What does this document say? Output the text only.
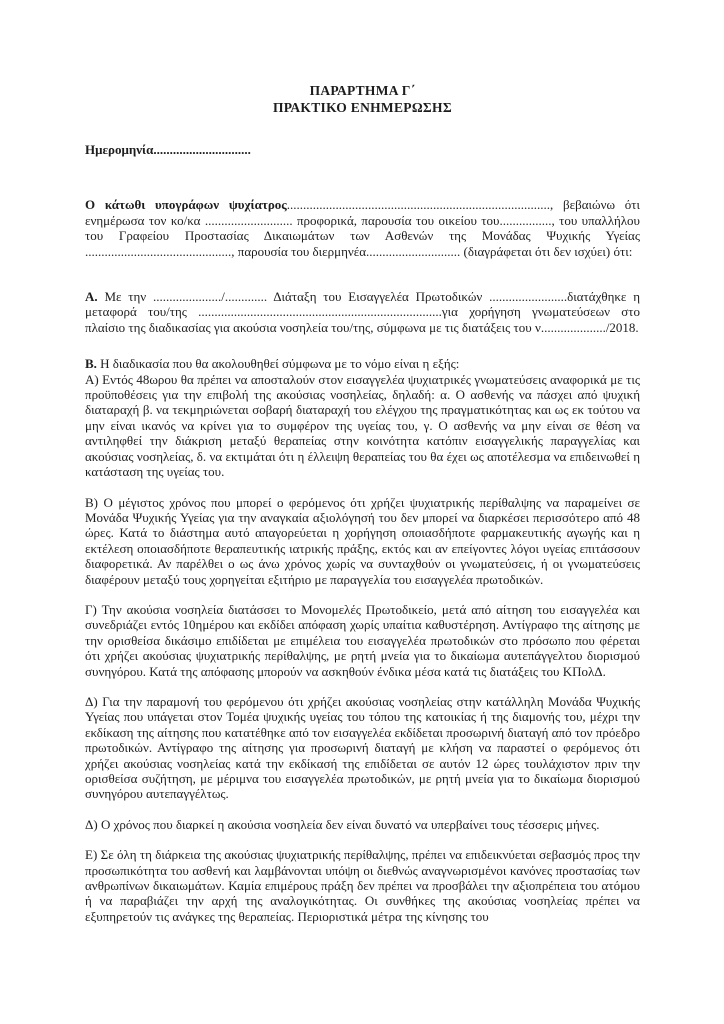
ΠΑΡΑΡΤΗΜΑ Γ΄
ΠΡΑΚΤΙΚΟ ΕΝΗΜΕΡΩΣΗΣ

Ημερομηνία..............................

Ο κάτωθι υπογράφων ψυχίατρος................................................................................., βεβαιώνω ότι ενημέρωσα τον κο/κα ........................... προφορικά, παρουσία του οικείου του................, του υπαλλήλου του Γραφείου Προστασίας Δικαιωμάτων των Ασθενών της Μονάδας Ψυχικής Υγείας ............................................., παρουσία του διερμηνέα............................. (διαγράφεται ότι δεν ισχύει) ότι:

Α. Με την ...................../............. Διάταξη του Εισαγγελέα Πρωτοδικών ........................διατάχθηκε η μεταφορά του/της ...........................................................................για χορήγηση γνωματεύσεων στο πλαίσιο της διαδικασίας για ακούσια νοσηλεία του/της, σύμφωνα με τις διατάξεις του ν..................../2018.

Β. Η διαδικασία που θα ακολουθηθεί σύμφωνα με το νόμο είναι η εξής:

Α) Εντός 48ωρου θα πρέπει να αποσταλούν στον εισαγγελέα ψυχιατρικές γνωματεύσεις αναφορικά με τις προϋποθέσεις για την επιβολή της ακούσιας νοσηλείας, δηλαδή: α. Ο ασθενής να πάσχει από ψυχική διαταραχή β. να τεκμηριώνεται σοβαρή διαταραχή του ελέγχου της πραγματικότητας και ως εκ τούτου να μην είναι ικανός να κρίνει για το συμφέρον της υγείας του, γ. Ο ασθενής να μην είναι σε θέση να αντιληφθεί την διάκριση μεταξύ θεραπείας στην κοινότητα κατόπιν εισαγγελικής παραγγελίας και ακούσιας νοσηλείας, δ. να εκτιμάται ότι η έλλειψη θεραπείας του θα έχει ως αποτέλεσμα να επιδεινωθεί η κατάσταση της υγείας του.

Β) Ο μέγιστος χρόνος που μπορεί ο φερόμενος ότι χρήζει ψυχιατρικής περίθαλψης να παραμείνει σε Μονάδα Ψυχικής Υγείας για την αναγκαία αξιολόγησή του δεν μπορεί να διαρκέσει περισσότερο από 48 ώρες. Κατά το διάστημα αυτό απαγορεύεται η χορήγηση οποιασδήποτε φαρμακευτικής αγωγής και η εκτέλεση οποιασδήποτε θεραπευτικής ιατρικής πράξης, εκτός και αν επείγοντες λόγοι υγείας επιτάσσουν διαφορετικά. Αν παρέλθει ο ως άνω χρόνος χωρίς να συνταχθούν οι γνωματεύσεις, ή οι γνωματεύσεις διαφέρουν μεταξύ τους χορηγείται εξιτήριο με παραγγελία του εισαγγελέα πρωτοδικών.

Γ) Την ακούσια νοσηλεία διατάσσει το Μονομελές Πρωτοδικείο, μετά από αίτηση του εισαγγελέα και συνεδριάζει εντός 10ημέρου και εκδίδει απόφαση χωρίς υπαίτια καθυστέρηση. Αντίγραφο της αίτησης με την ορισθείσα δικάσιμο επιδίδεται με επιμέλεια του εισαγγελέα πρωτοδικών στο πρόσωπο που φέρεται ότι χρήζει ακούσιας ψυχιατρικής περίθαλψης, με ρητή μνεία για το δικαίωμα αυτεπάγγελτου διορισμού συνηγόρου. Κατά της απόφασης μπορούν να ασκηθούν ένδικα μέσα κατά τις διατάξεις του ΚΠολΔ.

Δ) Για την παραμονή του φερόμενου ότι χρήζει ακούσιας νοσηλείας στην κατάλληλη Μονάδα Ψυχικής Υγείας που υπάγεται στον Τομέα ψυχικής υγείας του τόπου της κατοικίας ή της διαμονής του, μέχρι την εκδίκαση της αίτησης που κατατέθηκε από τον εισαγγελέα εκδίδεται προσωρινή διαταγή από τον πρόεδρο πρωτοδικών. Αντίγραφο της αίτησης για προσωρινή διαταγή με κλήση να παραστεί ο φερόμενος ότι χρήζει ακούσιας νοσηλείας κατά την εκδίκασή της επιδίδεται σε αυτόν 12 ώρες τουλάχιστον πριν την ορισθείσα συζήτηση, με μέριμνα του εισαγγελέα πρωτοδικών, με ρητή μνεία για το δικαίωμα διορισμού συνηγόρου αυτεπαγγέλτως.

Δ) Ο χρόνος που διαρκεί η ακούσια νοσηλεία δεν είναι δυνατό να υπερβαίνει τους τέσσερις μήνες.

Ε) Σε όλη τη διάρκεια της ακούσιας ψυχιατρικής περίθαλψης, πρέπει να επιδεικνύεται σεβασμός προς την προσωπικότητα του ασθενή και λαμβάνονται υπόψη οι διεθνώς αναγνωρισμένοι κανόνες προστασίας των ανθρωπίνων δικαιωμάτων. Καμία επιμέρους πράξη δεν πρέπει να προσβάλει την αξιοπρέπεια του ατόμου ή να παραβιάζει την αρχή της αναλογικότητας. Οι συνθήκες της ακούσιας νοσηλείας πρέπει να εξυπηρετούν τις ανάγκες της θεραπείας. Περιοριστικά μέτρα της κίνησης του
